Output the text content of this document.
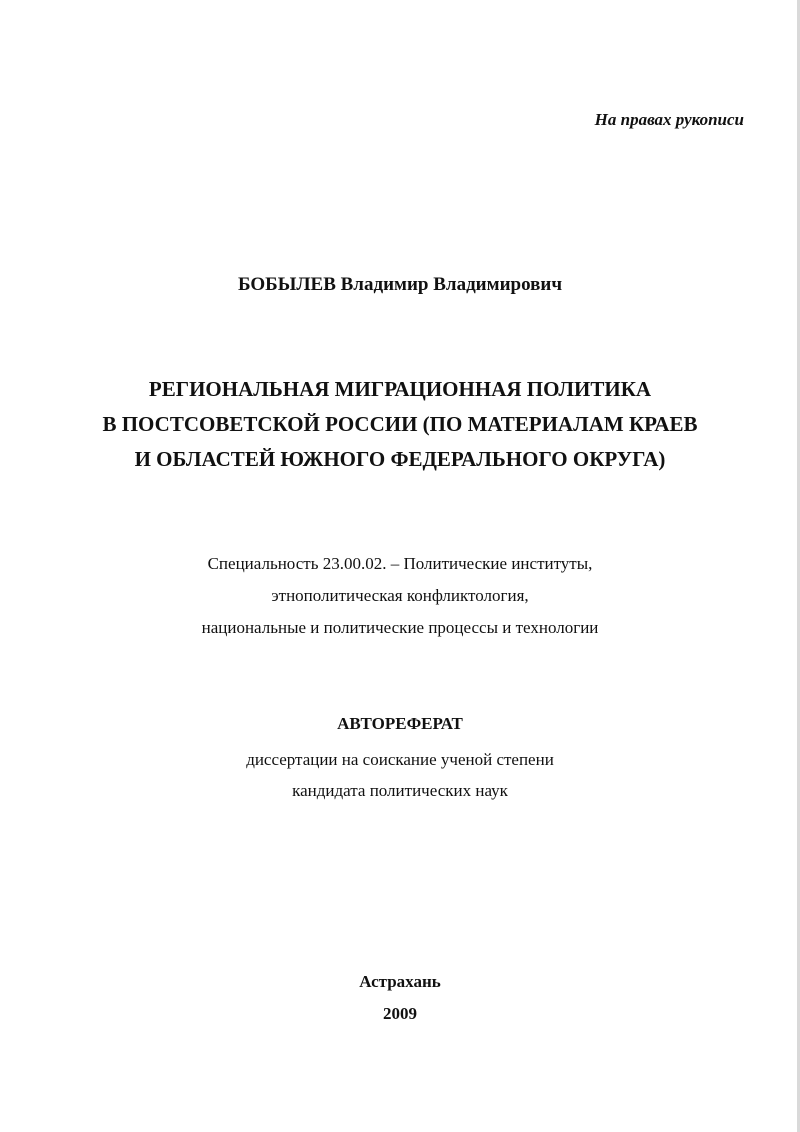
На правах рукописи

БОБЫЛЕВ Владимир Владимирович

РЕГИОНАЛЬНАЯ МИГРАЦИОННАЯ ПОЛИТИКА
В ПОСТСОВЕТСКОЙ РОССИИ (ПО МАТЕРИАЛАМ КРАЕВ
И ОБЛАСТЕЙ ЮЖНОГО ФЕДЕРАЛЬНОГО ОКРУГА)
Специальность 23.00.02. – Политические институты,
этнополитическая конфликтология,
национальные и политические процессы и технологии

АВТОРЕФЕРАТ

диссертации на соискание ученой степени
кандидата политических наук

Астрахань

2009
